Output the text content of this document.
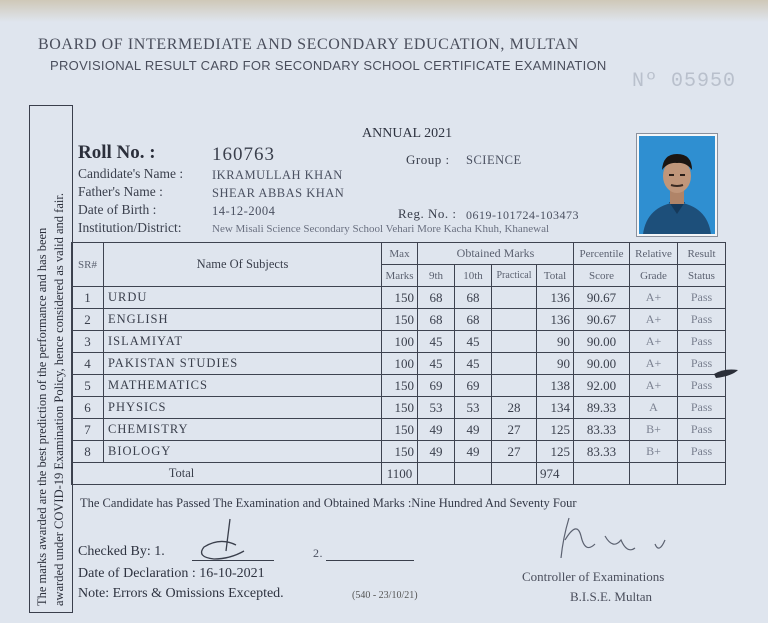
BOARD OF INTERMEDIATE AND SECONDARY EDUCATION, MULTAN
PROVISIONAL RESULT CARD FOR SECONDARY SCHOOL CERTIFICATE EXAMINATION
Nº 05950
The marks awarded are the best prediction of the performance and has been awarded under COVID-19 Examination Policy, hence considered as valid and fair.
ANNUAL 2021
Roll No. :	160763	Group : SCIENCE
Candidate's Name : IKRAMULLAH KHAN
Father's Name :	SHEAR ABBAS KHAN
Date of Birth :	14-12-2004	Reg. No. : 0619-101724-103473
Institution/District:	New Misali Science Secondary School Vehari More Kacha Khuh, Khanewal
SR#	Name Of Subjects	Max	Obtained Marks				Percentile	Relative	Result
		Marks	9th	10th	Practical	Total	Score	Grade	Status
1	URDU	150	68	68		136	90.67	A+	Pass
2	ENGLISH	150	68	68		136	90.67	A+	Pass
3	ISLAMIYAT	100	45	45		90	90.00	A+	Pass
4	PAKISTAN STUDIES	100	45	45		90	90.00	A+	Pass
5	MATHEMATICS	150	69	69		138	92.00	A+	Pass
6	PHYSICS	150	53	53	28	134	89.33	A	Pass
7	CHEMISTRY	150	49	49	27	125	83.33	B+	Pass
8	BIOLOGY	150	49	49	27	125	83.33	B+	Pass
Total		1100				974			
The Candidate has Passed The Examination and Obtained Marks :Nine Hundred And Seventy Four
Checked By: 1.	2.
Date of Declaration : 16-10-2021
Note: Errors & Omissions Excepted.	(540 - 23/10/21)
Controller of Examinations
B.I.S.E. Multan
